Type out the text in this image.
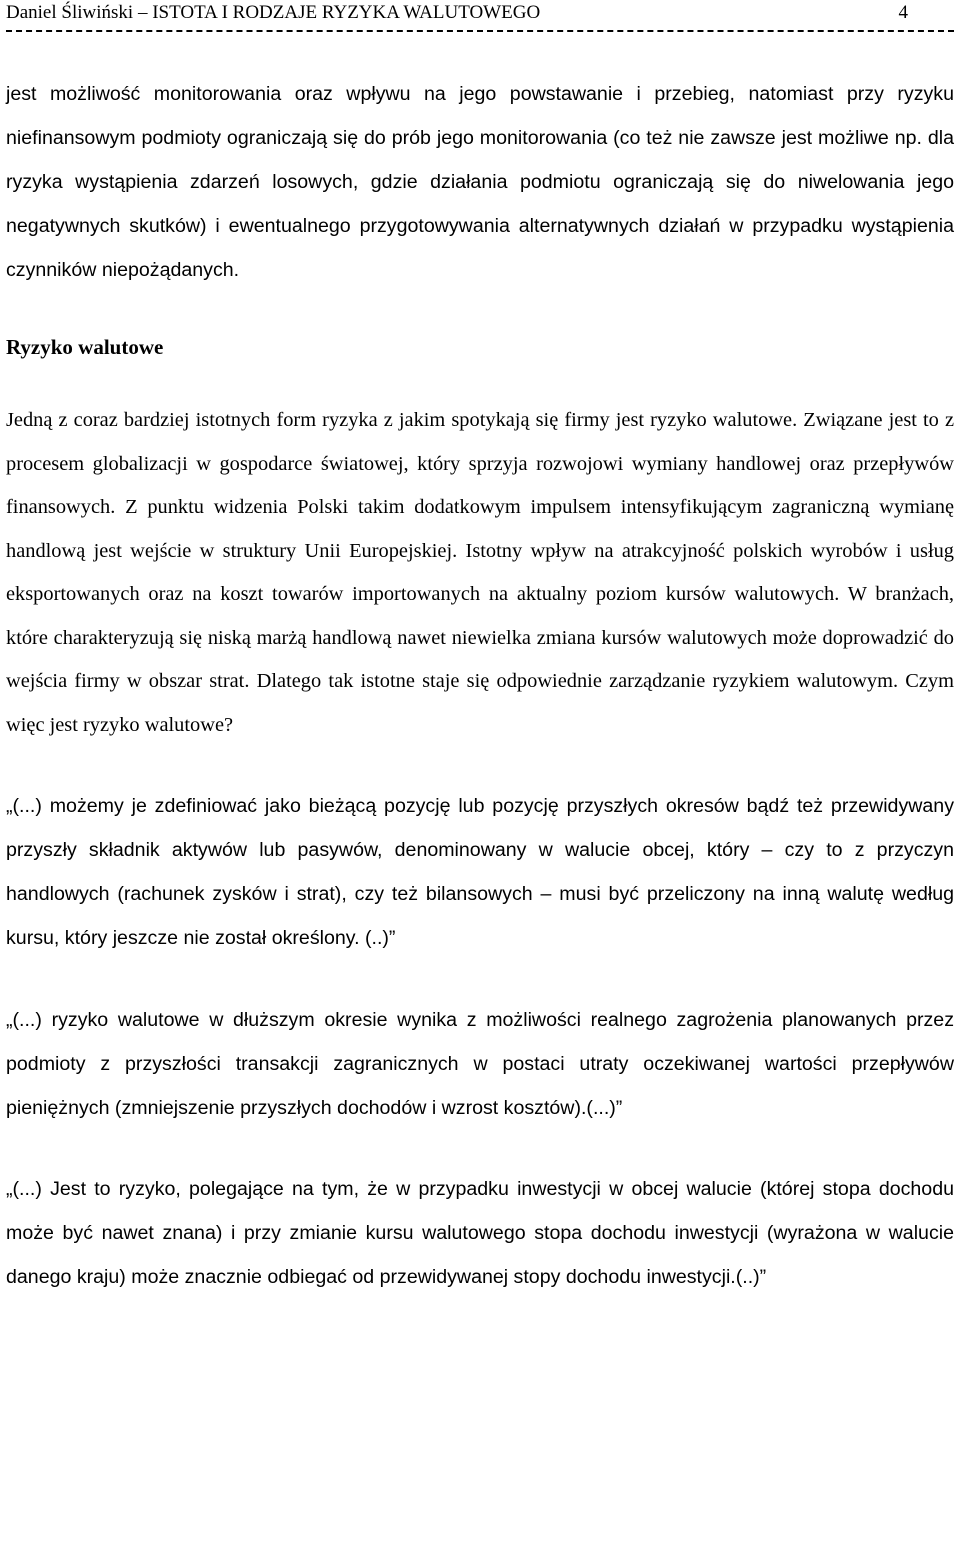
Daniel Śliwiński – ISTOTA I RODZAJE RYZYKA WALUTOWEGO	4

jest możliwość monitorowania oraz wpływu na jego powstawanie i przebieg, natomiast przy ryzyku niefinansowym podmioty ograniczają się do prób jego monitorowania (co też nie zawsze jest możliwe np. dla ryzyka wystąpienia zdarzeń losowych, gdzie działania podmiotu ograniczają się do niwelowania jego negatywnych skutków) i ewentualnego przygotowywania alternatywnych działań w przypadku wystąpienia czynników niepożądanych.

Ryzyko walutowe

Jedną z coraz bardziej istotnych form ryzyka z jakim spotykają się firmy jest ryzyko walutowe. Związane jest to z procesem globalizacji w gospodarce światowej, który sprzyja rozwojowi wymiany handlowej oraz przepływów finansowych. Z punktu widzenia Polski takim dodatkowym impulsem intensyfikującym zagraniczną wymianę handlową jest wejście w struktury Unii Europejskiej. Istotny wpływ na atrakcyjność polskich wyrobów i usług eksportowanych oraz na koszt towarów importowanych na aktualny poziom kursów walutowych. W branżach, które charakteryzują się niską marżą handlową nawet niewielka zmiana kursów walutowych może doprowadzić do wejścia firmy w obszar strat. Dlatego tak istotne staje się odpowiednie zarządzanie ryzykiem walutowym. Czym więc jest ryzyko walutowe?

„(...) możemy je zdefiniować jako bieżącą pozycję lub pozycję przyszłych okresów bądź też przewidywany przyszły składnik aktywów lub pasywów, denominowany w walucie obcej, który – czy to z przyczyn handlowych (rachunek zysków i strat), czy też bilansowych – musi być przeliczony na inną walutę według kursu, który jeszcze nie został określony. (..)”

„(...) ryzyko walutowe w dłuższym okresie wynika z możliwości realnego zagrożenia planowanych przez podmioty z przyszłości transakcji zagranicznych w postaci utraty oczekiwanej wartości przepływów pieniężnych (zmniejszenie przyszłych dochodów i wzrost kosztów).(...)”

„(...) Jest to ryzyko, polegające na tym, że w przypadku inwestycji w obcej walucie (której stopa dochodu może być nawet znana) i przy zmianie kursu walutowego stopa dochodu inwestycji (wyrażona w walucie danego kraju) może znacznie odbiegać od przewidywanej stopy dochodu inwestycji.(..)”
